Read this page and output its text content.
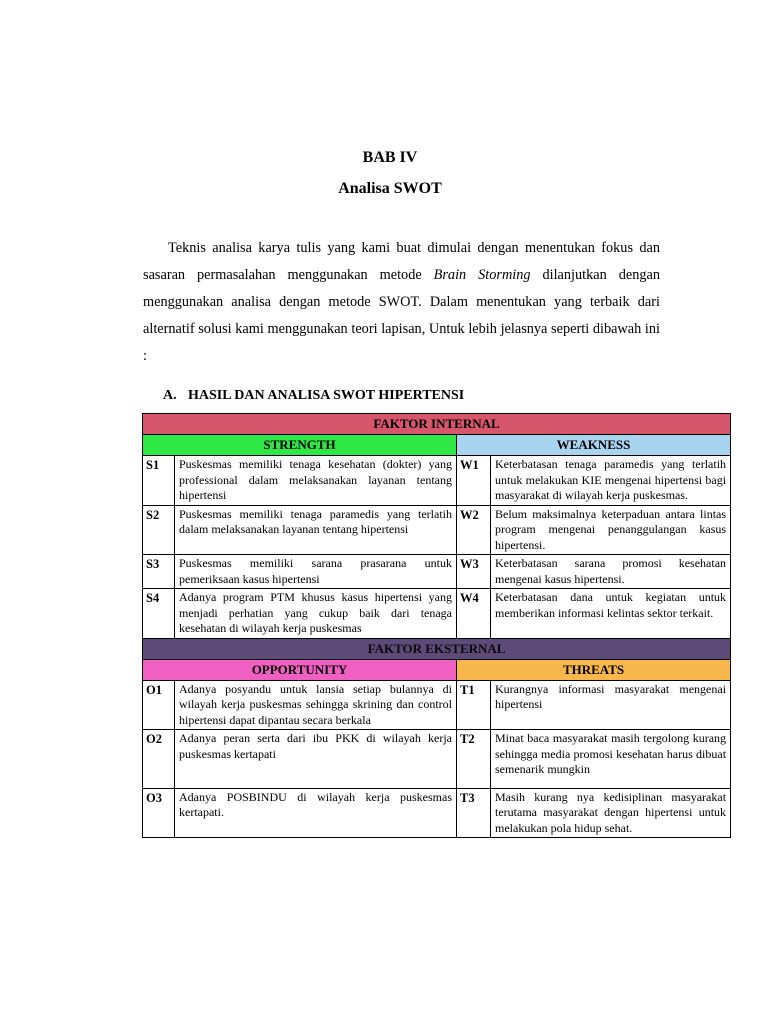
BAB IV
Analisa SWOT

Teknis analisa karya tulis yang kami buat dimulai dengan menentukan fokus dan sasaran permasalahan menggunakan metode Brain Storming dilanjutkan dengan menggunakan analisa dengan metode SWOT. Dalam menentukan yang terbaik dari alternatif solusi kami menggunakan teori lapisan, Untuk lebih jelasnya seperti dibawah ini :

A. HASIL DAN ANALISA SWOT HIPERTENSI
FAKTOR INTERNAL			
STRENGTH		WEAKNESS	
S1	Puskesmas memiliki tenaga kesehatan (dokter) yang professional dalam melaksanakan layanan tentang hipertensi	W1	Keterbatasan tenaga paramedis yang terlatih untuk melakukan KIE mengenai hipertensi bagi masyarakat di wilayah kerja puskesmas.
S2	Puskesmas memiliki tenaga paramedis yang terlatih dalam melaksanakan layanan tentang hipertensi	W2	Belum maksimalnya keterpaduan antara lintas program mengenai penanggulangan kasus hipertensi.
S3	Puskesmas memiliki sarana prasarana untuk pemeriksaan kasus hipertensi	W3	Keterbatasan sarana promosi kesehatan mengenai kasus hipertensi.
S4	Adanya program PTM khusus kasus hipertensi yang menjadi perhatian yang cukup baik dari tenaga kesehatan di wilayah kerja puskesmas	W4	Keterbatasan dana untuk kegiatan untuk memberikan informasi kelintas sektor terkait.
FAKTOR EKSTERNAL			
OPPORTUNITY		THREATS	
O1	Adanya posyandu untuk lansia setiap bulannya di wilayah kerja puskesmas sehingga skrining dan control hipertensi dapat dipantau secara berkala	T1	Kurangnya informasi masyarakat mengenai hipertensi
O2	Adanya peran serta dari ibu PKK di wilayah kerja puskesmas kertapati	T2	Minat baca masyarakat masih tergolong kurang sehingga media promosi kesehatan harus dibuat semenarik mungkin
O3	Adanya POSBINDU di wilayah kerja puskesmas kertapati.	T3	Masih kurang nya kedisiplinan masyarakat terutama masyarakat dengan hipertensi untuk melakukan pola hidup sehat.
